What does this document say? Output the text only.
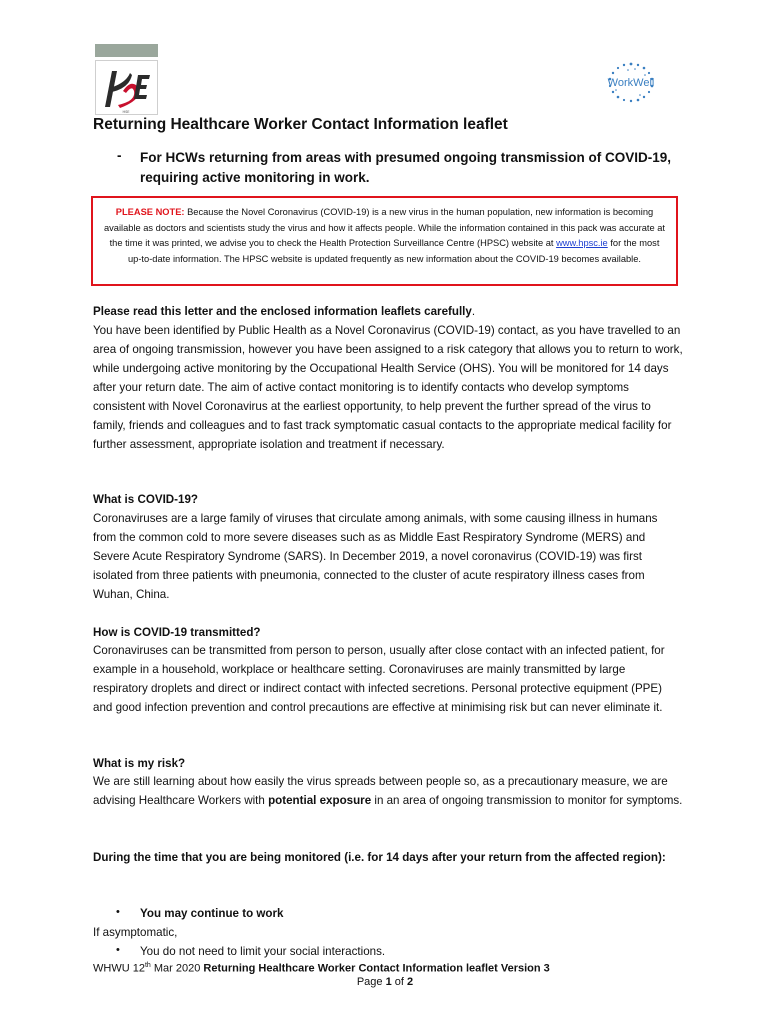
HSE
WorkWell
Returning Healthcare Worker Contact Information leaflet
- For HCWs returning from areas with presumed ongoing transmission of COVID-19, requiring active monitoring in work.
PLEASE NOTE: Because the Novel Coronavirus (COVID-19) is a new virus in the human population, new information is becoming available as doctors and scientists study the virus and how it affects people. While the information contained in this pack was accurate at the time it was printed, we advise you to check the Health Protection Surveillance Centre (HPSC) website at www.hpsc.ie for the most up-to-date information. The HPSC website is updated frequently as new information about the COVID-19 becomes available.
Please read this letter and the enclosed information leaflets carefully.
You have been identified by Public Health as a Novel Coronavirus (COVID-19) contact, as you have travelled to an area of ongoing transmission, however you have been assigned to a risk category that allows you to return to work, while undergoing active monitoring by the Occupational Health Service (OHS). You will be monitored for 14 days after your return date. The aim of active contact monitoring is to identify contacts who develop symptoms consistent with Novel Coronavirus at the earliest opportunity, to help prevent the further spread of the virus to family, friends and colleagues and to fast track symptomatic casual contacts to the appropriate medical facility for further assessment, appropriate isolation and treatment if necessary.
What is COVID-19?
Coronaviruses are a large family of viruses that circulate among animals, with some causing illness in humans from the common cold to more severe diseases such as as Middle East Respiratory Syndrome (MERS) and Severe Acute Respiratory Syndrome (SARS). In December 2019, a novel coronavirus (COVID-19) was first isolated from three patients with pneumonia, connected to the cluster of acute respiratory illness cases from Wuhan, China.
How is COVID-19 transmitted?
Coronaviruses can be transmitted from person to person, usually after close contact with an infected patient, for example in a household, workplace or healthcare setting. Coronaviruses are mainly transmitted by large respiratory droplets and direct or indirect contact with infected secretions. Personal protective equipment (PPE) and good infection prevention and control precautions are effective at minimising risk but can never eliminate it.
What is my risk?
We are still learning about how easily the virus spreads between people so, as a precautionary measure, we are advising Healthcare Workers with potential exposure in an area of ongoing transmission to monitor for symptoms.
During the time that you are being monitored (i.e. for 14 days after your return from the affected region):
• You may continue to work
If asymptomatic,
• You do not need to limit your social interactions.
WHWU 12th Mar 2020 Returning Healthcare Worker Contact Information leaflet Version 3
Page 1 of 2
